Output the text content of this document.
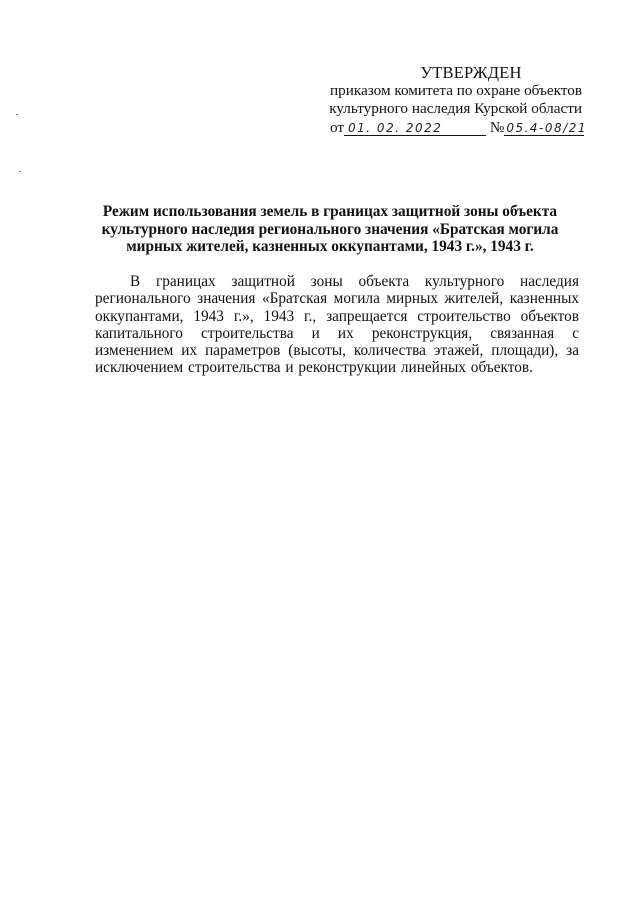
УТВЕРЖДЕН
приказом комитета по охране объектов
культурного наследия Курской области
от 01. 02. 2022	№ 05.4-08/21
Режим использования земель в границах защитной зоны объекта культурного наследия регионального значения «Братская могила мирных жителей, казненных оккупантами, 1943 г.», 1943 г.
В границах защитной зоны объекта культурного наследия регионального значения «Братская могила мирных жителей, казненных оккупантами, 1943 г.», 1943 г., запрещается строительство объектов капитального строительства и их реконструкция, связанная с изменением их параметров (высоты, количества этажей, площади), за исключением строительства и реконструкции линейных объектов.
